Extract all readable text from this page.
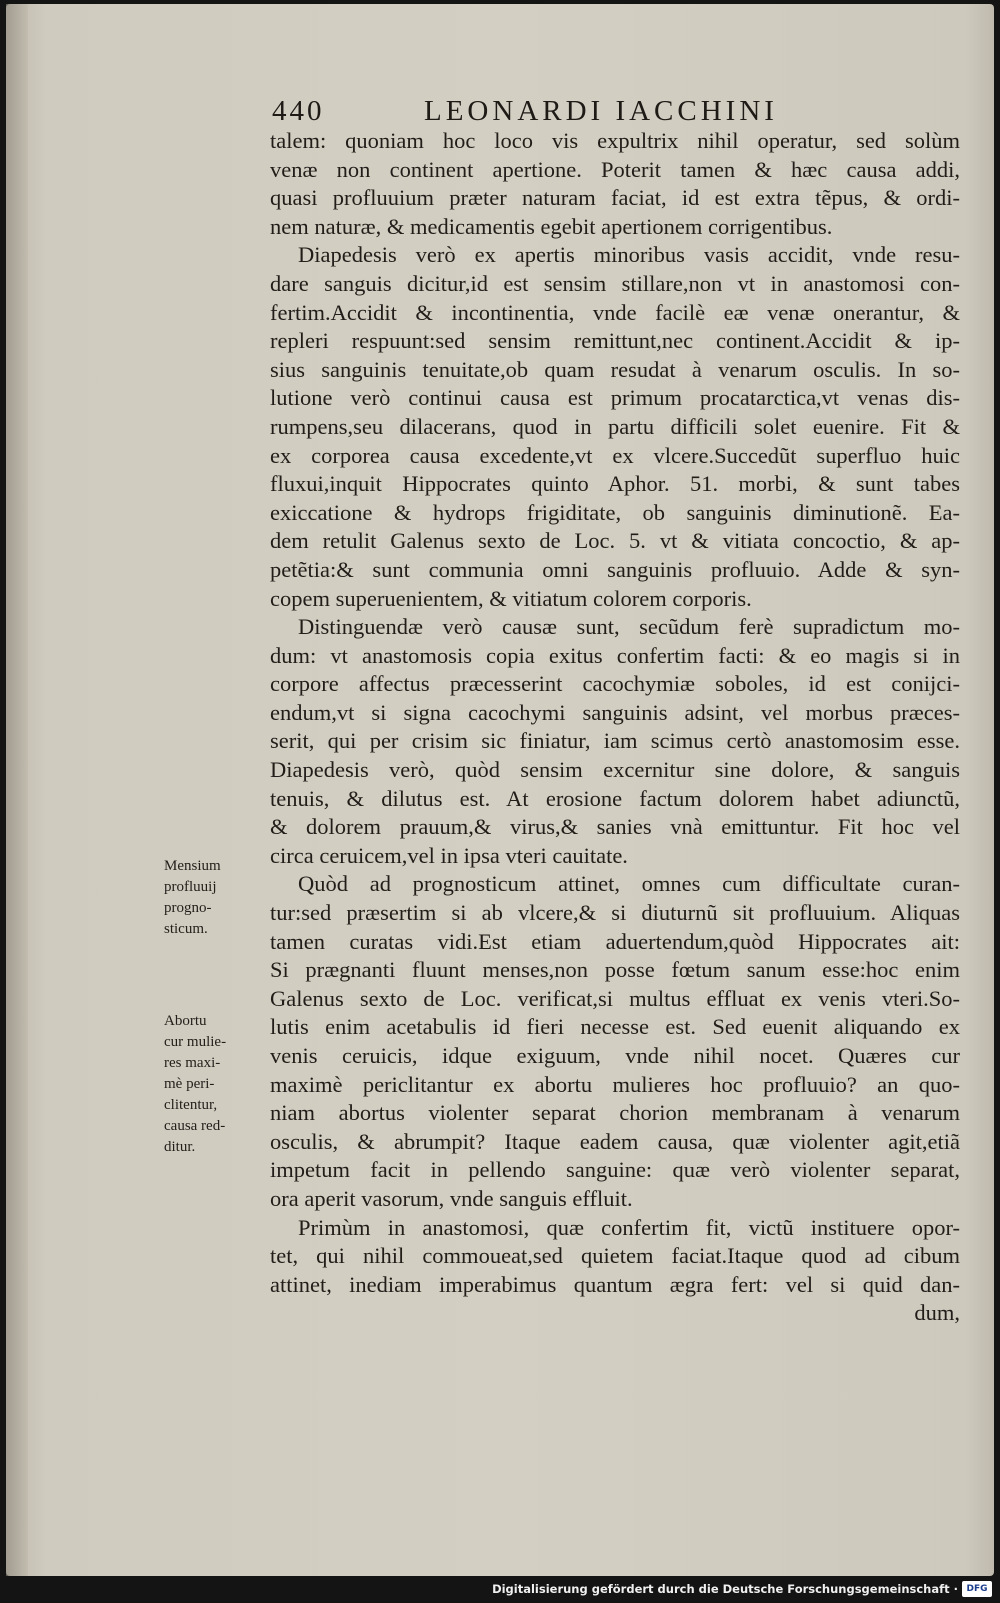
440	LEONARDI IACCHINI
talem: quoniam hoc loco vis expultrix nihil operatur, sed solùm
venæ non continent apertione. Poterit tamen & hæc causa addi,
quasi profluuium præter naturam faciat, id est extra tẽpus, & ordi-
nem naturæ, & medicamentis egebit apertionem corrigentibus.
Diapedesis verò ex apertis minoribus vasis accidit, vnde resu-
dare sanguis dicitur,id est sensim stillare,non vt in anastomosi con-
fertim.Accidit & incontinentia, vnde facilè eæ venæ onerantur, &
repleri respuunt:sed sensim remittunt,nec continent.Accidit & ip-
sius sanguinis tenuitate,ob quam resudat à venarum osculis. In so-
lutione verò continui causa est primum procatarctica,vt venas dis-
rumpens,seu dilacerans, quod in partu difficili solet euenire. Fit &
ex corporea causa excedente,vt ex vlcere.Succedũt superfluo huic
fluxui,inquit Hippocrates quinto Aphor. 51. morbi, & sunt tabes
exiccatione & hydrops frigiditate, ob sanguinis diminutionẽ. Ea-
dem retulit Galenus sexto de Loc. 5. vt & vitiata concoctio, & ap-
petẽtia:& sunt communia omni sanguinis profluuio. Adde & syn-
copem superuenientem, & vitiatum colorem corporis.
Distinguendæ verò causæ sunt, secũdum ferè supradictum mo-
dum: vt anastomosis copia exitus confertim facti: & eo magis si in
corpore affectus præcesserint cacochymiæ soboles, id est conijci-
endum,vt si signa cacochymi sanguinis adsint, vel morbus præces-
serit, qui per crisim sic finiatur, iam scimus certò anastomosim esse.
Diapedesis verò, quòd sensim excernitur sine dolore, & sanguis
tenuis, & dilutus est. At erosione factum dolorem habet adiunctũ,
& dolorem prauum,& virus,& sanies vnà emittuntur. Fit hoc vel
circa ceruicem,vel in ipsa vteri cauitate.
Quòd ad prognosticum attinet, omnes cum difficultate curan-
tur:sed præsertim si ab vlcere,& si diuturnũ sit profluuium. Aliquas
tamen curatas vidi.Est etiam aduertendum,quòd Hippocrates ait:
Si prægnanti fluunt menses,non posse fœtum sanum esse:hoc enim
Galenus sexto de Loc. verificat,si multus effluat ex venis vteri.So-
lutis enim acetabulis id fieri necesse est. Sed euenit aliquando ex
venis ceruicis, idque exiguum, vnde nihil nocet. Quæres cur
maximè periclitantur ex abortu mulieres hoc profluuio? an quo-
niam abortus violenter separat chorion membranam à venarum
osculis, & abrumpit? Itaque eadem causa, quæ violenter agit,etiã
impetum facit in pellendo sanguine: quæ verò violenter separat,
ora aperit vasorum, vnde sanguis effluit.
Primùm in anastomosi, quæ confertim fit, victũ instituere opor-
tet, qui nihil commoueat,sed quietem faciat.Itaque quod ad cibum
attinet, inediam imperabimus quantum ægra fert: vel si quid dan-
dum,
Mensium
profluuij
progno-
sticum.
Abortu
cur mulie-
res maxi-
mè peri-
clitentur,
causa red-
ditur.
Digitalisierung gefördert durch die Deutsche Forschungsgemeinschaft · DFG
